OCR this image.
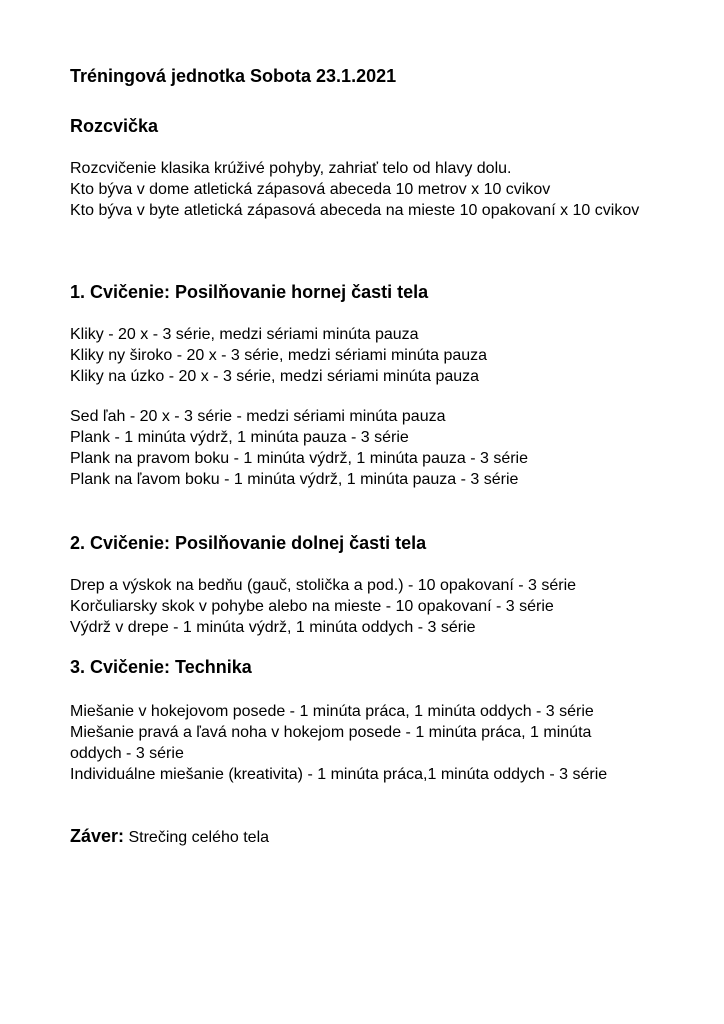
Tréningová jednotka Sobota 23.1.2021
Rozcvička
Rozcvičenie klasika krúživé pohyby, zahriať telo od hlavy dolu.
Kto býva v dome atletická zápasová abeceda 10 metrov x 10 cvikov
Kto býva v byte atletická zápasová abeceda na mieste 10 opakovaní x 10 cvikov
1. Cvičenie: Posilňovanie hornej časti tela
Kliky - 20 x - 3 série, medzi sériami minúta pauza
Kliky ny široko - 20 x - 3 série, medzi sériami minúta pauza
Kliky na úzko - 20 x - 3 série, medzi sériami minúta pauza
Sed ľah - 20 x - 3 série - medzi sériami minúta pauza
Plank - 1 minúta výdrž, 1 minúta pauza - 3 série
Plank na pravom boku - 1 minúta výdrž, 1 minúta pauza - 3 série
Plank na ľavom boku - 1 minúta výdrž, 1 minúta pauza - 3 série
2. Cvičenie: Posilňovanie dolnej časti tela
Drep a výskok na bedňu (gauč, stolička a pod.) - 10 opakovaní - 3 série
Korčuliarsky skok v pohybe alebo na mieste - 10 opakovaní - 3 série
Výdrž v drepe - 1 minúta výdrž, 1 minúta oddych - 3 série
3. Cvičenie: Technika
Miešanie v hokejovom posede - 1 minúta práca, 1 minúta oddych - 3 série
Miešanie pravá a ľavá noha v hokejom posede - 1 minúta práca, 1 minúta oddych - 3 série
Individuálne miešanie (kreativita) - 1 minúta práca,1 minúta oddych - 3 série
Záver: Strečing celého tela
